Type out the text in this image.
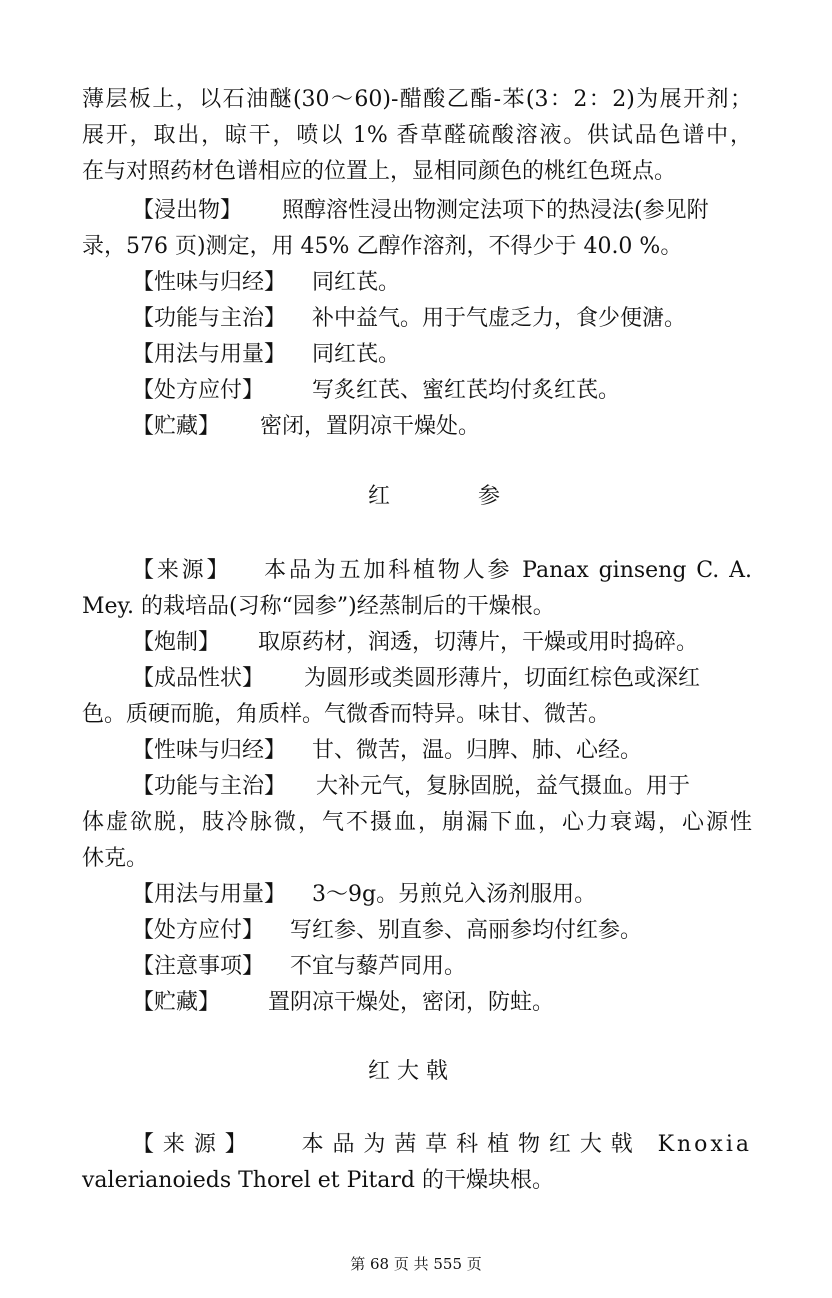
薄层板上，以石油醚(30～60)-醋酸乙酯-苯(3：2：2)为展开剂；
展开，取出，晾干，喷以 1% 香草醛硫酸溶液。供试品色谱中，
在与对照药材色谱相应的位置上，显相同颜色的桃红色斑点。
【浸出物】 照醇溶性浸出物测定法项下的热浸法(参见附
录，576 页)测定，用 45% 乙醇作溶剂，不得少于 40.0 %。
【性味与归经】 同红芪。
【功能与主治】 补中益气。用于气虚乏力，食少便溏。
【用法与用量】 同红芪。
【处方应付】 写炙红芪、蜜红芪均付炙红芪。
【贮藏】 密闭，置阴凉干燥处。
红	参
【来源】 本品为五加科植物人参 Panax ginseng C. A.
Mey. 的栽培品(习称“园参”)经蒸制后的干燥根。
【炮制】 取原药材，润透，切薄片，干燥或用时捣碎。
【成品性状】 为圆形或类圆形薄片，切面红棕色或深红
色。质硬而脆，角质样。气微香而特异。味甘、微苦。
【性味与归经】 甘、微苦，温。归脾、肺、心经。
【功能与主治】 大补元气，复脉固脱，益气摄血。用于
体虚欲脱，肢冷脉微，气不摄血，崩漏下血，心力衰竭，心源性
休克。
【用法与用量】 3～9g。另煎兑入汤剂服用。
【处方应付】 写红参、别直参、高丽参均付红参。
【注意事项】 不宜与藜芦同用。
【贮藏】 置阴凉干燥处，密闭，防蛀。
红 大 戟
【来源】 本品为茜草科植物红大戟 Knoxia
valerianoieds Thorel et Pitard 的干燥块根。
第 68 页 共 555 页
